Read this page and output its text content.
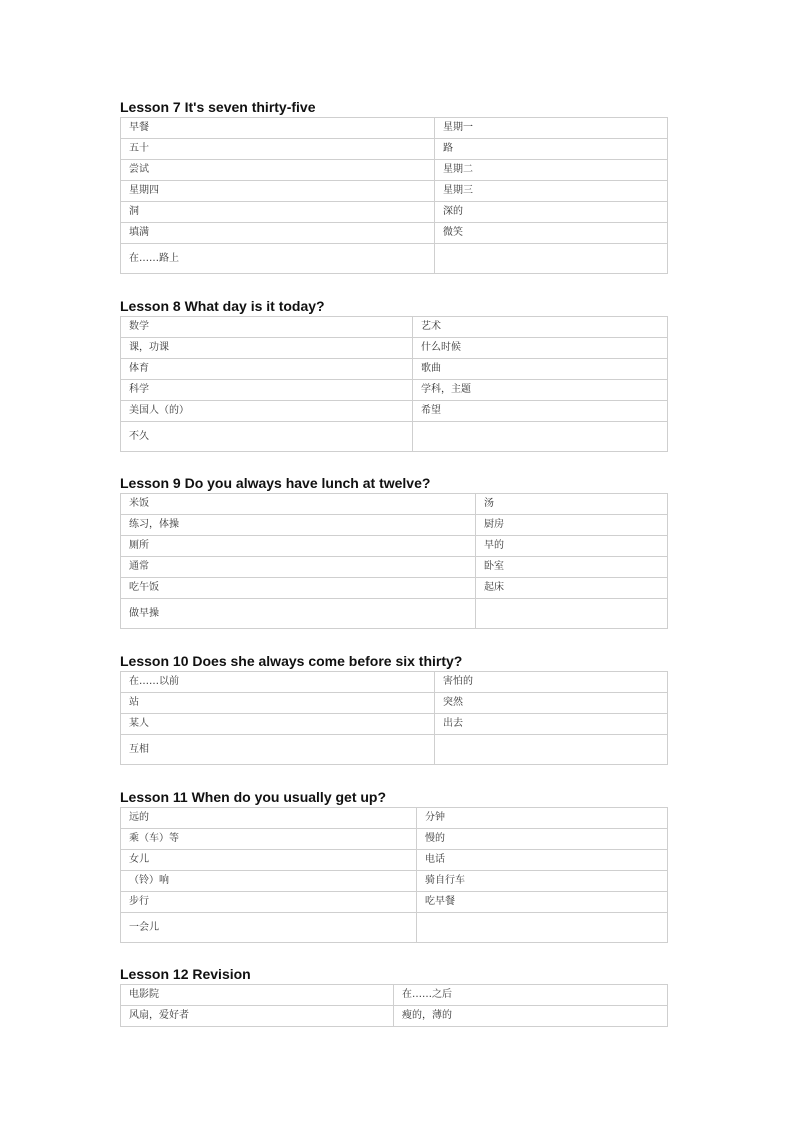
Lesson 7 It's seven thirty-five
早餐	星期一
五十	路
尝试	星期二
星期四	星期三
洞	深的
填满	微笑
在……路上	
Lesson 8 What day is it today?
数学	艺术
课，功课	什么时候
体育	歌曲
科学	学科，主题
美国人（的）	希望
不久	
Lesson 9 Do you always have lunch at twelve?
米饭	汤
练习，体操	厨房
厕所	早的
通常	卧室
吃午饭	起床
做早操	
Lesson 10 Does she always come before six thirty?
在……以前	害怕的
站	突然
某人	出去
互相	
Lesson 11 When do you usually get up?
远的	分钟
乘（车）等	慢的
女儿	电话
（铃）响	骑自行车
步行	吃早餐
一会儿	
Lesson 12 Revision
电影院	在……之后
风扇，爱好者	瘦的，薄的
